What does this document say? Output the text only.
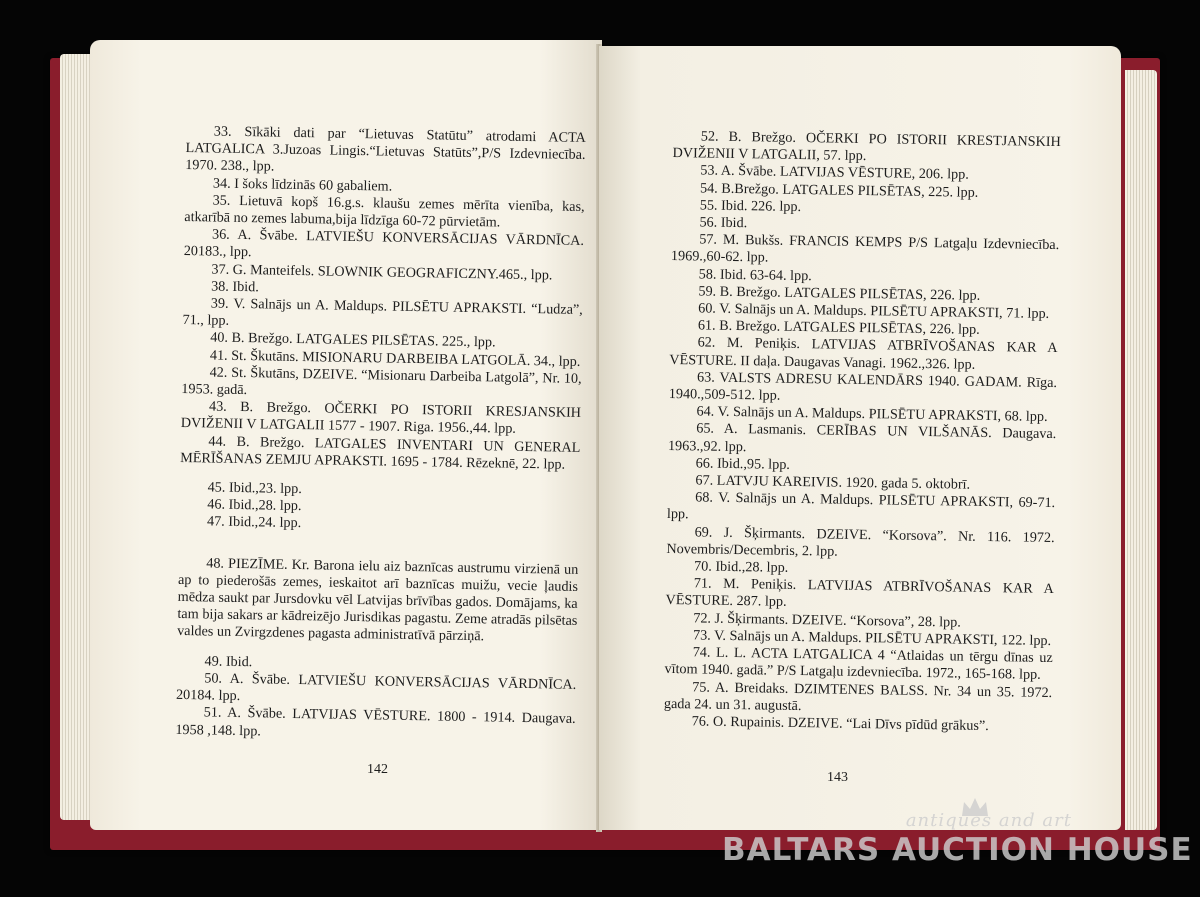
33. Sīkāki dati par “Lietuvas Statūtu” atrodami ACTA LATGALICA 3.Juzoas Lingis.“Lietuvas Statūts”,P/S Izdevniecība. 1970. 238., lpp.

34. I šoks līdzinās 60 gabaliem.

35. Lietuvā kopš 16.g.s. klaušu zemes mērīta vienība, kas, atkarībā no zemes labuma,bija līdzīga 60-72 pūrvietām.

36. A. Švābe. LATVIEŠU KONVERSĀCIJAS VĀRDNĪCA. 20183., lpp.

37. G. Manteifels. SLOWNIK GEOGRAFICZNY.465., lpp.

38. Ibid.

39. V. Salnājs un A. Maldups. PILSĒTU APRAKSTI. “Ludza”, 71., lpp.

40. B. Brežgo. LATGALES PILSĒTAS. 225., lpp.

41. St. Škutāns. MISIONARU DARBEIBA LATGOLĀ. 34., lpp.

42. St. Škutāns, DZEIVE. “Misionaru Darbeiba Latgolā”, Nr. 10, 1953. gadā.

43. B. Brežgo. OČERKI PO ISTORII KRESJANSKIH DVIŽENII V LATGALII 1577 - 1907. Riga. 1956.,44. lpp.

44. B. Brežgo. LATGALES INVENTARI UN GENERAL MĒRĪŠANAS ZEMJU APRAKSTI. 1695 - 1784. Rēzeknē, 22. lpp.

45. Ibid.,23. lpp.

46. Ibid.,28. lpp.

47. Ibid.,24. lpp.

48. PIEZĪME. Kr. Barona ielu aiz baznīcas austrumu virzienā un ap to piederošās zemes, ieskaitot arī baznīcas muižu, vecie ļaudis mēdza saukt par Jursdovku vēl Latvijas brīvības gados. Domājams, ka tam bija sakars ar kādreizējo Jurisdikas pagastu. Zeme atradās pilsētas valdes un Zvirgzdenes pagasta administratīvā pārziņā.

49. Ibid.

50. A. Švābe. LATVIEŠU KONVERSĀCIJAS VĀRDNĪCA. 20184. lpp.

51. A. Švābe. LATVIJAS VĒSTURE. 1800 - 1914. Daugava. 1958 ,148. lpp.

142

52. B. Brežgo. OČERKI PO ISTORII KRESTJANSKIH DVIŽENII V LATGALII, 57. lpp.

53. A. Švābe. LATVIJAS VĒSTURE, 206. lpp.

54. B.Brežgo. LATGALES PILSĒTAS, 225. lpp.

55. Ibid. 226. lpp.

56. Ibid.

57. M. Bukšs. FRANCIS KEMPS P/S Latgaļu Izdevniecība. 1969.,60-62. lpp.

58. Ibid. 63-64. lpp.

59. B. Brežgo. LATGALES PILSĒTAS, 226. lpp.

60. V. Salnājs un A. Maldups. PILSĒTU APRAKSTI, 71. lpp.

61. B. Brežgo. LATGALES PILSĒTAS, 226. lpp.

62. M. Peniķis. LATVIJAS ATBRĪVOŠANAS KAR A VĒSTURE. II daļa. Daugavas Vanagi. 1962.,326. lpp.

63. VALSTS ADRESU KALENDĀRS 1940. GADAM. Rīga. 1940.,509-512. lpp.

64. V. Salnājs un A. Maldups. PILSĒTU APRAKSTI, 68. lpp.

65. A. Lasmanis. CERĪBAS UN VILŠANĀS. Daugava. 1963.,92. lpp.

66. Ibid.,95. lpp.

67. LATVJU KAREIVIS. 1920. gada 5. oktobrī.

68. V. Salnājs un A. Maldups. PILSĒTU APRAKSTI, 69-71. lpp.

69. J. Šķirmants. DZEIVE. “Korsova”. Nr. 116. 1972. Novembris/Decembris, 2. lpp.

70. Ibid.,28. lpp.

71. M. Peniķis. LATVIJAS ATBRĪVOŠANAS KAR A VĒSTURE. 287. lpp.

72. J. Šķirmants. DZEIVE. “Korsova”, 28. lpp.

73. V. Salnājs un A. Maldups. PILSĒTU APRAKSTI, 122. lpp.

74. L. L. ACTA LATGALICA 4 “Atlaidas un tērgu dīnas uz vītom 1940. gadā.” P/S Latgaļu izdevniecība. 1972., 165-168. lpp.

75. A. Breidaks. DZIMTENES BALSS. Nr. 34 un 35. 1972. gada 24. un 31. augustā.

76. O. Rupainis. DZEIVE. “Lai Dīvs pīdūd grākus”.

143
antiques and art
BALTARS AUCTION HOUSE
